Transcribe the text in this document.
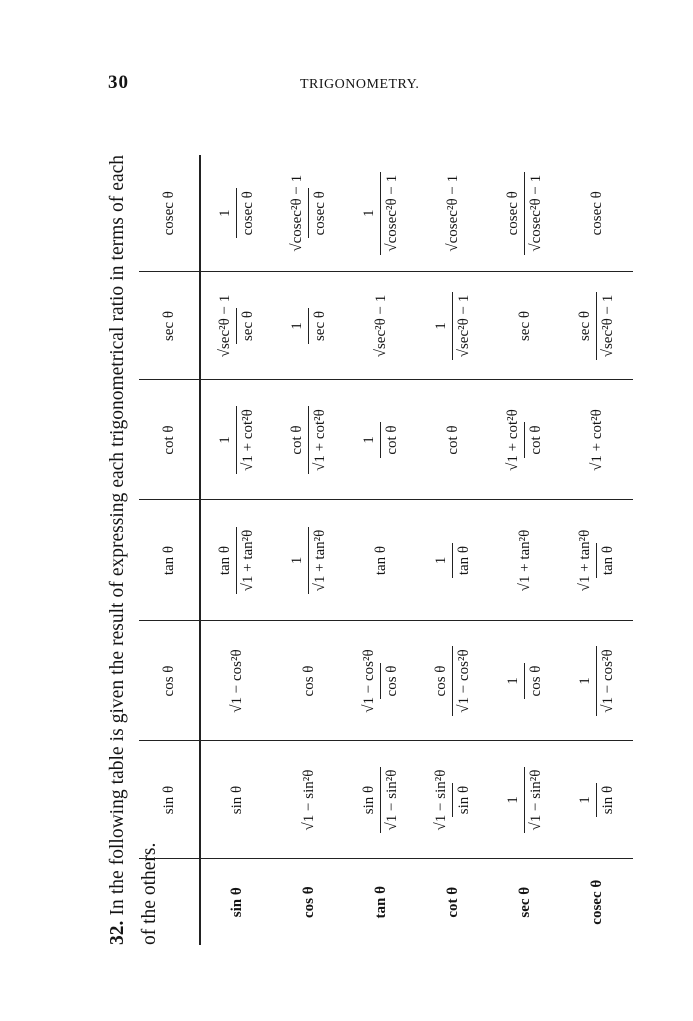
30	TRIGONOMETRY.

32. In the following table is given the result of expressing each trigonometrical ratio in terms of each of the others.

	sin θ	cos θ	tan θ	cot θ	sec θ	cosec θ
sin θ	sin θ	√1 − cos²θ	tan θ √1 + tan²θ	1 √1 + cot²θ	√sec²θ − 1 sec θ	1 cosec θ

cos θ	√1 − sin²θ	cos θ	1 √1 + tan²θ	cot θ √1 + cot²θ	1 sec θ	√cosec²θ − 1 cosec θ

tan θ	sin θ √1 − sin²θ	√1 − cos²θ cos θ	tan θ	1 cot θ	√sec²θ − 1	1 √cosec²θ − 1

cot θ	√1 − sin²θ sin θ	cos θ √1 − cos²θ	1 tan θ	cot θ	1 √sec²θ − 1	√cosec²θ − 1
sec θ	1 √1 − sin²θ	1 cos θ	√1 + tan²θ	√1 + cot²θ cot θ	sec θ	cosec θ √cosec²θ − 1

cosec θ	1 sin θ	1 √1 − cos²θ	√1 + tan²θ tan θ	√1 + cot²θ	sec θ √sec²θ − 1	cosec θ
